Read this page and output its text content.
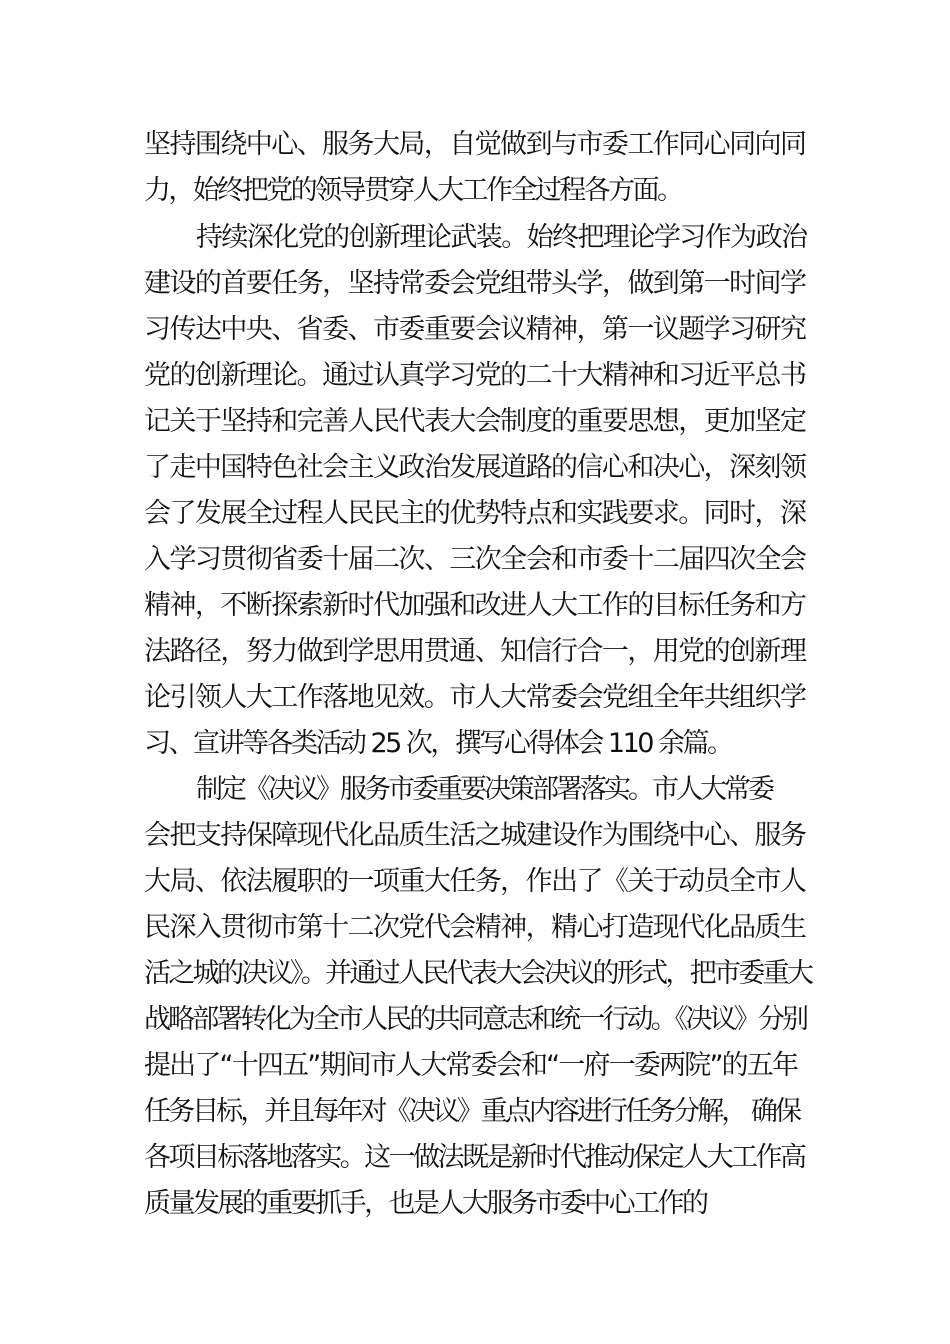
坚持围绕中心、服务大局，自觉做到与市委工作同心同向同
力，始终把党的领导贯穿人大工作全过程各方面。
持续深化党的创新理论武装。始终把理论学习作为政治
建设的首要任务，坚持常委会党组带头学，做到第一时间学
习传达中央、省委、市委重要会议精神，第一议题学习研究
党的创新理论。通过认真学习党的二十大精神和习近平总书
记关于坚持和完善人民代表大会制度的重要思想，更加坚定
了走中国特色社会主义政治发展道路的信心和决心，深刻领
会了发展全过程人民民主的优势特点和实践要求。同时，深
入学习贯彻省委十届二次、三次全会和市委十二届四次全会
精神，不断探索新时代加强和改进人大工作的目标任务和方
法路径，努力做到学思用贯通、知信行合一，用党的创新理
论引领人大工作落地见效。市人大常委会党组全年共组织学
习、宣讲等各类活动 25 次，撰写心得体会 110 余篇。
制定《决议》服务市委重要决策部署落实。市人大常委
会把支持保障现代化品质生活之城建设作为围绕中心、服务
大局、依法履职的一项重大任务，作出了《关于动员全市人
民深入贯彻市第十二次党代会精神，精心打造现代化品质生
活之城的决议》。并通过人民代表大会决议的形式，把市委重大
战略部署转化为全市人民的共同意志和统一行动。《决议》分别
提出了“十四五”期间市人大常委会和“一府一委两院”的五年
任务目标，并且每年对《决议》重点内容进行任务分解， 确保
各项目标落地落实。这一做法既是新时代推动保定人大工作高
质量发展的重要抓手，也是人大服务市委中心工作的
